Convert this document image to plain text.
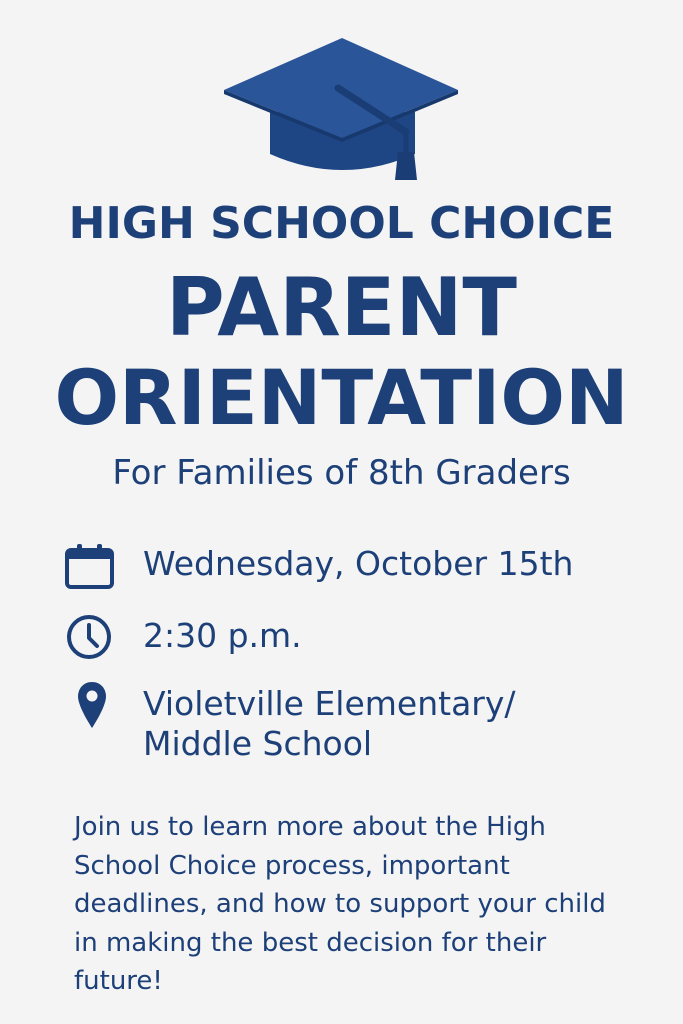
HIGH SCHOOL CHOICE
PARENT
ORIENTATION
For Families of 8th Graders
Wednesday, October 15th
2:30 p.m.
Violetville Elementary/
Middle School
Join us to learn more about the High School Choice process, important deadlines, and how to support your child in making the best decision for their future!
